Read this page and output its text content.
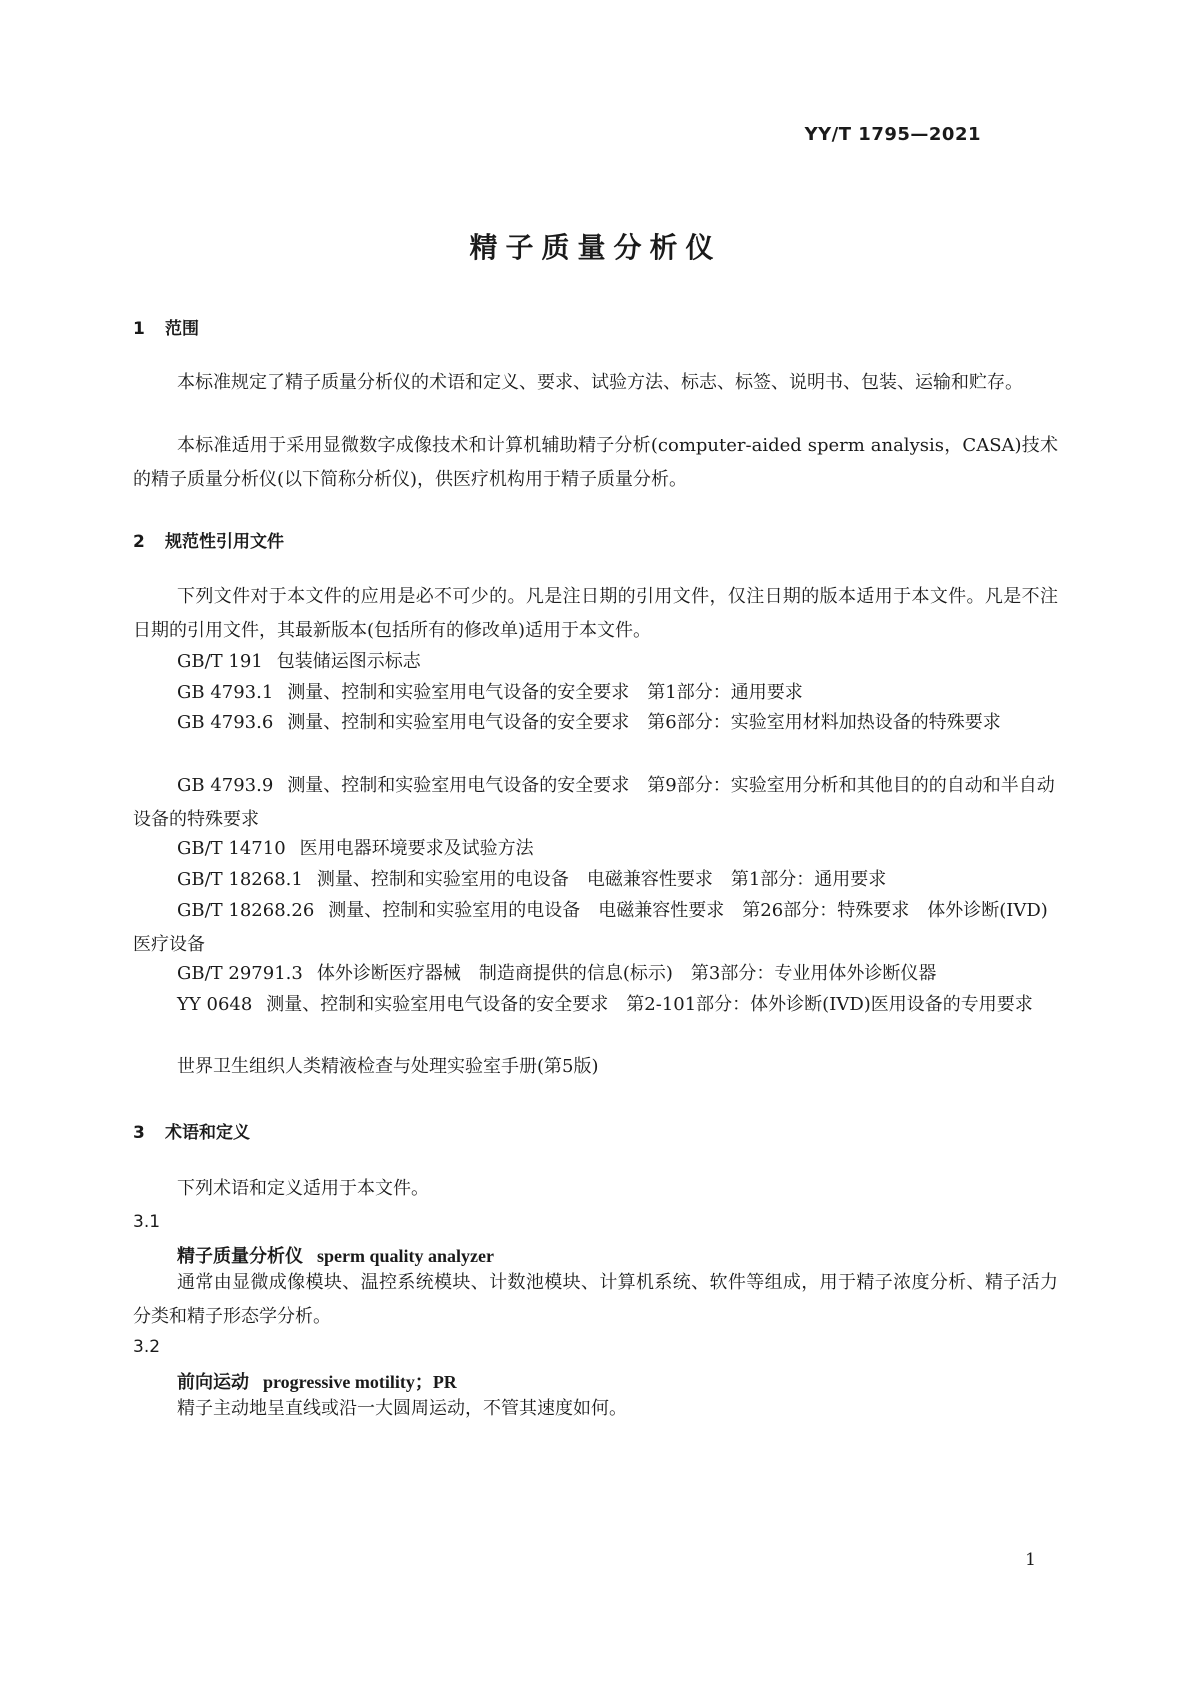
YY/T 1795—2021
精子质量分析仪
1 范围
本标准规定了精子质量分析仪的术语和定义、要求、试验方法、标志、标签、说明书、包装、运输和贮存。
本标准适用于采用显微数字成像技术和计算机辅助精子分析(computer-aided sperm analysis，CASA)技术的精子质量分析仪(以下简称分析仪)，供医疗机构用于精子质量分析。
2 规范性引用文件
下列文件对于本文件的应用是必不可少的。凡是注日期的引用文件，仅注日期的版本适用于本文件。凡是不注日期的引用文件，其最新版本(包括所有的修改单)适用于本文件。
GB/T 191 包装储运图示标志
GB 4793.1 测量、控制和实验室用电气设备的安全要求　第1部分：通用要求
GB 4793.6 测量、控制和实验室用电气设备的安全要求　第6部分：实验室用材料加热设备的特殊要求
GB 4793.9 测量、控制和实验室用电气设备的安全要求　第9部分：实验室用分析和其他目的的自动和半自动设备的特殊要求
GB/T 14710 医用电器环境要求及试验方法
GB/T 18268.1 测量、控制和实验室用的电设备　电磁兼容性要求　第1部分：通用要求
GB/T 18268.26 测量、控制和实验室用的电设备　电磁兼容性要求　第26部分：特殊要求　体外诊断(IVD)医疗设备
GB/T 29791.3 体外诊断医疗器械　制造商提供的信息(标示)　第3部分：专业用体外诊断仪器
YY 0648 测量、控制和实验室用电气设备的安全要求　第2-101部分：体外诊断(IVD)医用设备的专用要求
世界卫生组织人类精液检查与处理实验室手册(第5版)
3 术语和定义
下列术语和定义适用于本文件。
3.1
精子质量分析仪 sperm quality analyzer
通常由显微成像模块、温控系统模块、计数池模块、计算机系统、软件等组成，用于精子浓度分析、精子活力分类和精子形态学分析。
3.2
前向运动 progressive motility；PR
精子主动地呈直线或沿一大圆周运动，不管其速度如何。
1
